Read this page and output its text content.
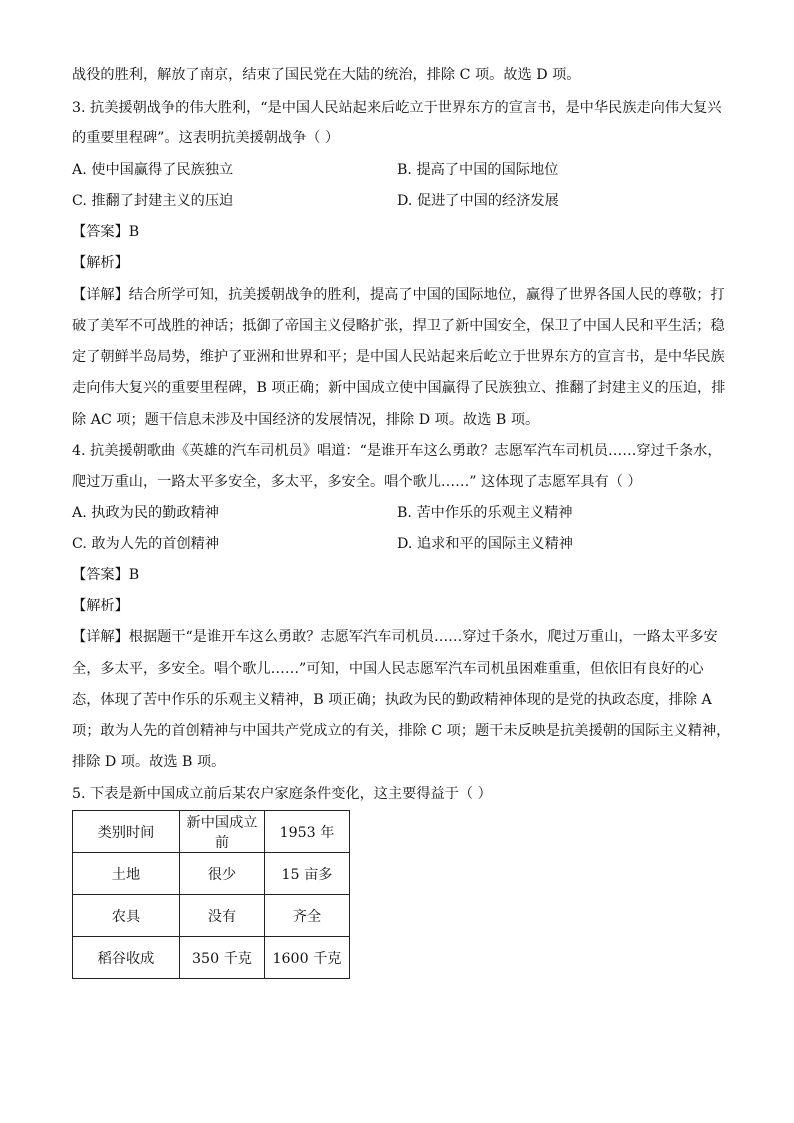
战役的胜利，解放了南京，结束了国民党在大陆的统治，排除 C 项。故选 D 项。
3. 抗美援朝战争的伟大胜利，“是中国人民站起来后屹立于世界东方的宣言书，是中华民族走向伟大复兴
的重要里程碑”。这表明抗美援朝战争（ ）
A. 使中国赢得了民族独立	B. 提高了中国的国际地位
C. 推翻了封建主义的压迫	D. 促进了中国的经济发展
【答案】B
【解析】
【详解】结合所学可知，抗美援朝战争的胜利，提高了中国的国际地位，赢得了世界各国人民的尊敬；打
破了美军不可战胜的神话；抵御了帝国主义侵略扩张，捍卫了新中国安全，保卫了中国人民和平生活；稳
定了朝鲜半岛局势，维护了亚洲和世界和平；是中国人民站起来后屹立于世界东方的宣言书，是中华民族
走向伟大复兴的重要里程碑，B 项正确；新中国成立使中国赢得了民族独立、推翻了封建主义的压迫，排
除 AC 项；题干信息未涉及中国经济的发展情况，排除 D 项。故选 B 项。
4. 抗美援朝歌曲《英雄的汽车司机员》唱道：“是谁开车这么勇敢？志愿军汽车司机员……穿过千条水，
爬过万重山，一路太平多安全，多太平，多安全。唱个歌儿……” 这体现了志愿军具有（ ）
A. 执政为民的勤政精神	B. 苦中作乐的乐观主义精神
C. 敢为人先的首创精神	D. 追求和平的国际主义精神
【答案】B
【解析】
【详解】根据题干“是谁开车这么勇敢？志愿军汽车司机员……穿过千条水，爬过万重山，一路太平多安
全，多太平，多安全。唱个歌儿……”可知，中国人民志愿军汽车司机虽困难重重，但依旧有良好的心
态，体现了苦中作乐的乐观主义精神，B 项正确；执政为民的勤政精神体现的是党的执政态度，排除 A
项；敢为人先的首创精神与中国共产党成立的有关，排除 C 项；题干未反映是抗美援朝的国际主义精神，
排除 D 项。故选 B 项。
5. 下表是新中国成立前后某农户家庭条件变化，这主要得益于（ ）
类别时间	新中国成立前	1953 年
土地	很少	15 亩多
农具	没有	齐全
稻谷收成	350 千克	1600 千克
